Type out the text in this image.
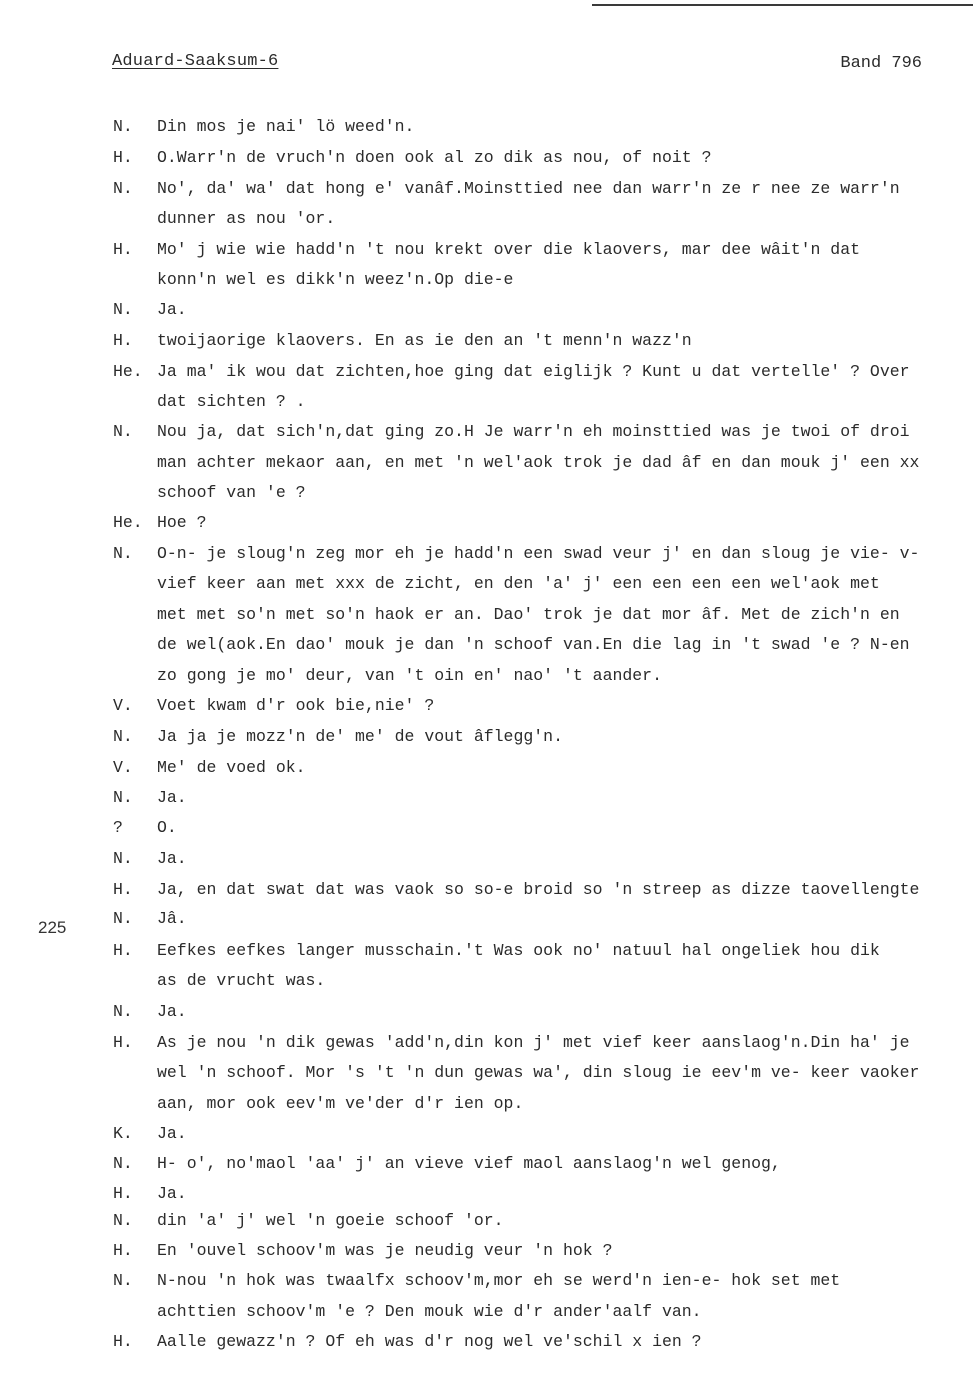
Aduard-Saaksum-6	Band 796
225
N. Din mos je nai' lö weed'n.
H. O.Warr'n de vruch'n doen ook al zo dik as nou, of noit ?
N. No', da' wa' dat hong e' vanâf.Moinsttied nee dan warr'n ze r nee ze warr'n
dunner as nou 'or.
H. Mo' j wie wie hadd'n 't nou krekt over die klaovers, mar dee wâit'n dat
konn'n wel es dikk'n weez'n.Op die-e
N. Ja.
H. twoijaorige klaovers. En as ie den an 't menn'n wazz'n
He. Ja ma' ik wou dat zichten,hoe ging dat eiglijk ? Kunt u dat vertelle' ? Over
dat sichten ? .
N. Nou ja, dat sich'n,dat ging zo.H Je warr'n eh moinsttied was je twoi of droi
man achter mekaor aan, en met 'n wel'aok trok je dad âf en dan mouk j' een xx
schoof van 'e ?
He. Hoe ?
N. O-n- je sloug'n zeg mor eh je hadd'n een swad veur j' en dan sloug je vie- v-
vief keer aan met xxx de zicht, en den 'a' j' een een een een wel'aok met
met met so'n met so'n haok er an. Dao' trok je dat mor âf. Met de zich'n en
de wel(aok.En dao' mouk je dan 'n schoof van.En die lag in 't swad 'e ? N-en
zo gong je mo' deur, van 't oin en' nao' 't aander.
V. Voet kwam d'r ook bie,nie' ?
N. Ja ja je mozz'n de' me' de vout âflegg'n.
V. Me' de voed ok.
N. Ja.
? O.
N. Ja.
H. Ja, en dat swat dat was vaok so so-e broid so 'n streep as dizze taovellengte
N. Jâ.
H. Eefkes eefkes langer musschain.'t Was ook no' natuul hal ongeliek hou dik
as de vrucht was.
N. Ja.
H. As je nou 'n dik gewas 'add'n,din kon j' met vief keer aanslaog'n.Din ha' je
wel 'n schoof. Mor 's 't 'n dun gewas wa', din sloug ie eev'm ve- keer vaoker
aan, mor ook eev'm ve'der d'r ien op.
K. Ja.
N. H- o', no'maol 'aa' j' an vieve vief maol aanslaog'n wel genog,
H. Ja.
N. din 'a' j' wel 'n goeie schoof 'or.
H. En 'ouvel schoov'm was je neudig veur 'n hok ?
N. N-nou 'n hok was twaalfx schoov'm,mor eh se werd'n ien-e- hok set met
achttien schoov'm 'e ? Den mouk wie d'r ander'aalf van.
H. Aalle gewazz'n ? Of eh was d'r nog wel ve'schil x ien ?
